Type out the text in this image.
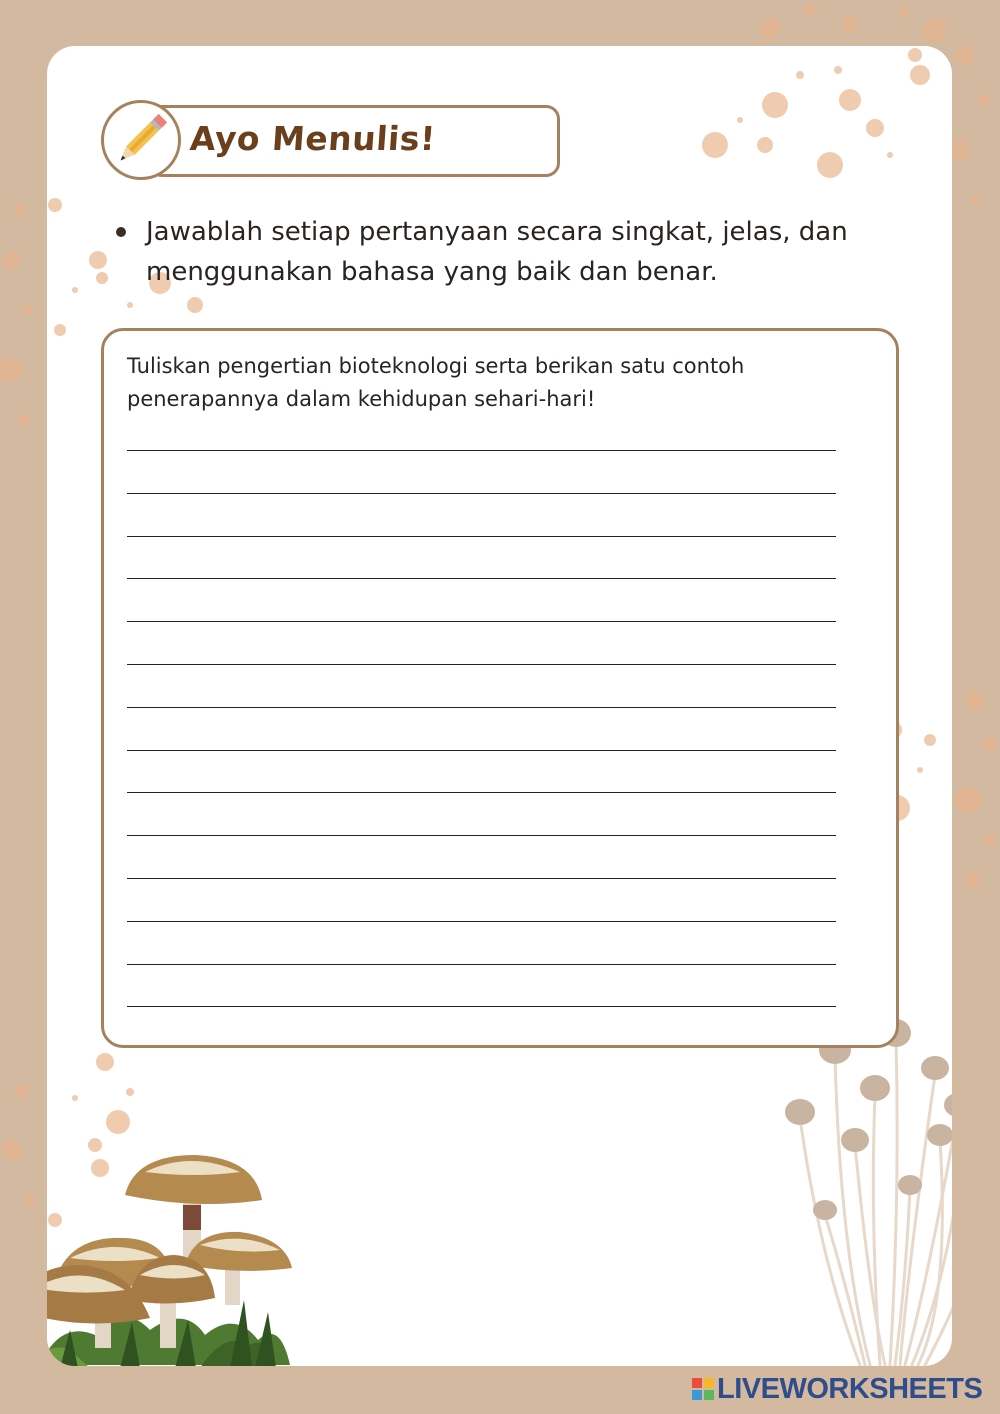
Ayo Menulis!
Jawablah setiap pertanyaan secara singkat, jelas, dan menggunakan bahasa yang baik dan benar.
Tuliskan pengertian bioteknologi serta berikan satu contoh penerapannya dalam kehidupan sehari-hari!
LIVEWORKSHEETS
